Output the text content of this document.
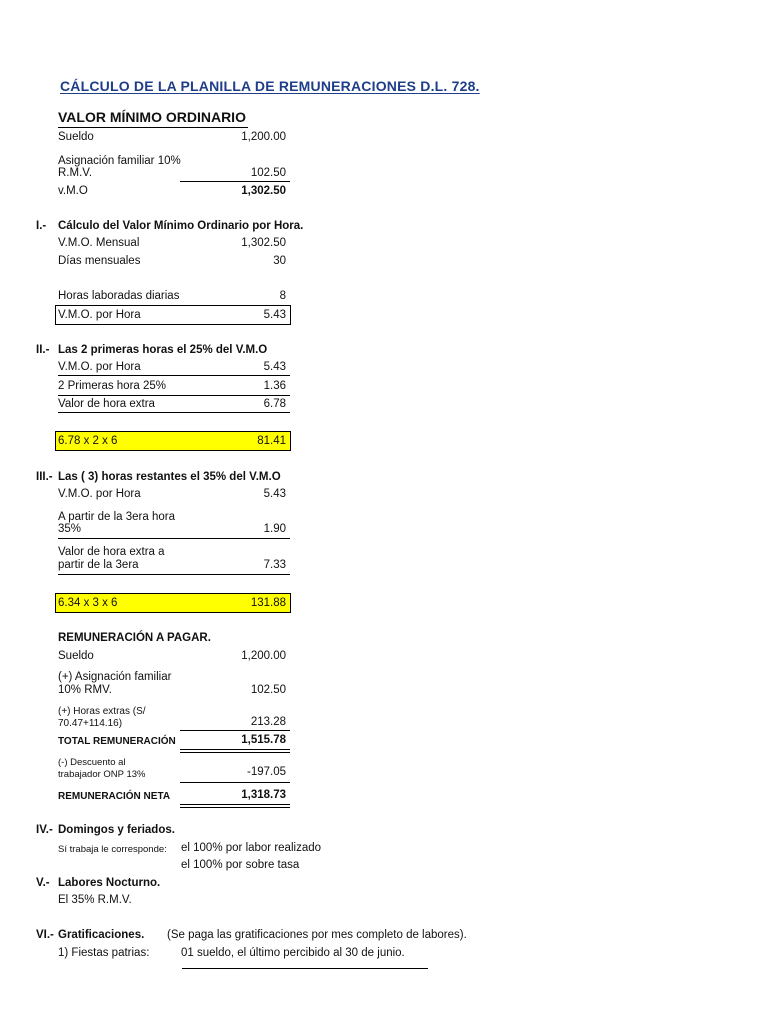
CÁLCULO DE LA PLANILLA DE REMUNERACIONES D.L. 728.
VALOR MÍNIMO ORDINARIO
Sueldo	1,200.00
Asignación familiar 10%
R.M.V.	102.50
v.M.O	1,302.50
I.- Cálculo del Valor Mínimo Ordinario por Hora.
V.M.O. Mensual	1,302.50
Días mensuales	30
Horas laboradas diarias	8
V.M.O. por Hora	5.43
II.- Las 2 primeras horas el 25% del V.M.O
V.M.O. por Hora	5.43
2 Primeras hora 25%	1.36
Valor de hora extra	6.78
6.78 x 2 x 6	81.41
III.- Las ( 3) horas restantes el 35% del V.M.O
V.M.O. por Hora	5.43
A partir de la 3era hora
35%	1.90
Valor de hora extra a
partir de la 3era	7.33
6.34 x 3 x 6	131.88
REMUNERACIÓN A PAGAR.
Sueldo	1,200.00
(+) Asignación familiar
10% RMV.	102.50
(+) Horas extras (S/
70.47+114.16)	213.28
TOTAL REMUNERACIÓN	1,515.78
(-) Descuento al
trabajador ONP 13%	-197.05
REMUNERACIÓN NETA	1,318.73
IV.- Domingos y feriados.
Sí trabaja le corresponde: el 100% por labor realizado
el 100% por sobre tasa
V.- Labores Nocturno.
El 35% R.M.V.
VI.- Gratificaciones. (Se paga las gratificaciones por mes completo de labores).
1) Fiestas patrias:	01 sueldo, el último percibido al 30 de junio.
